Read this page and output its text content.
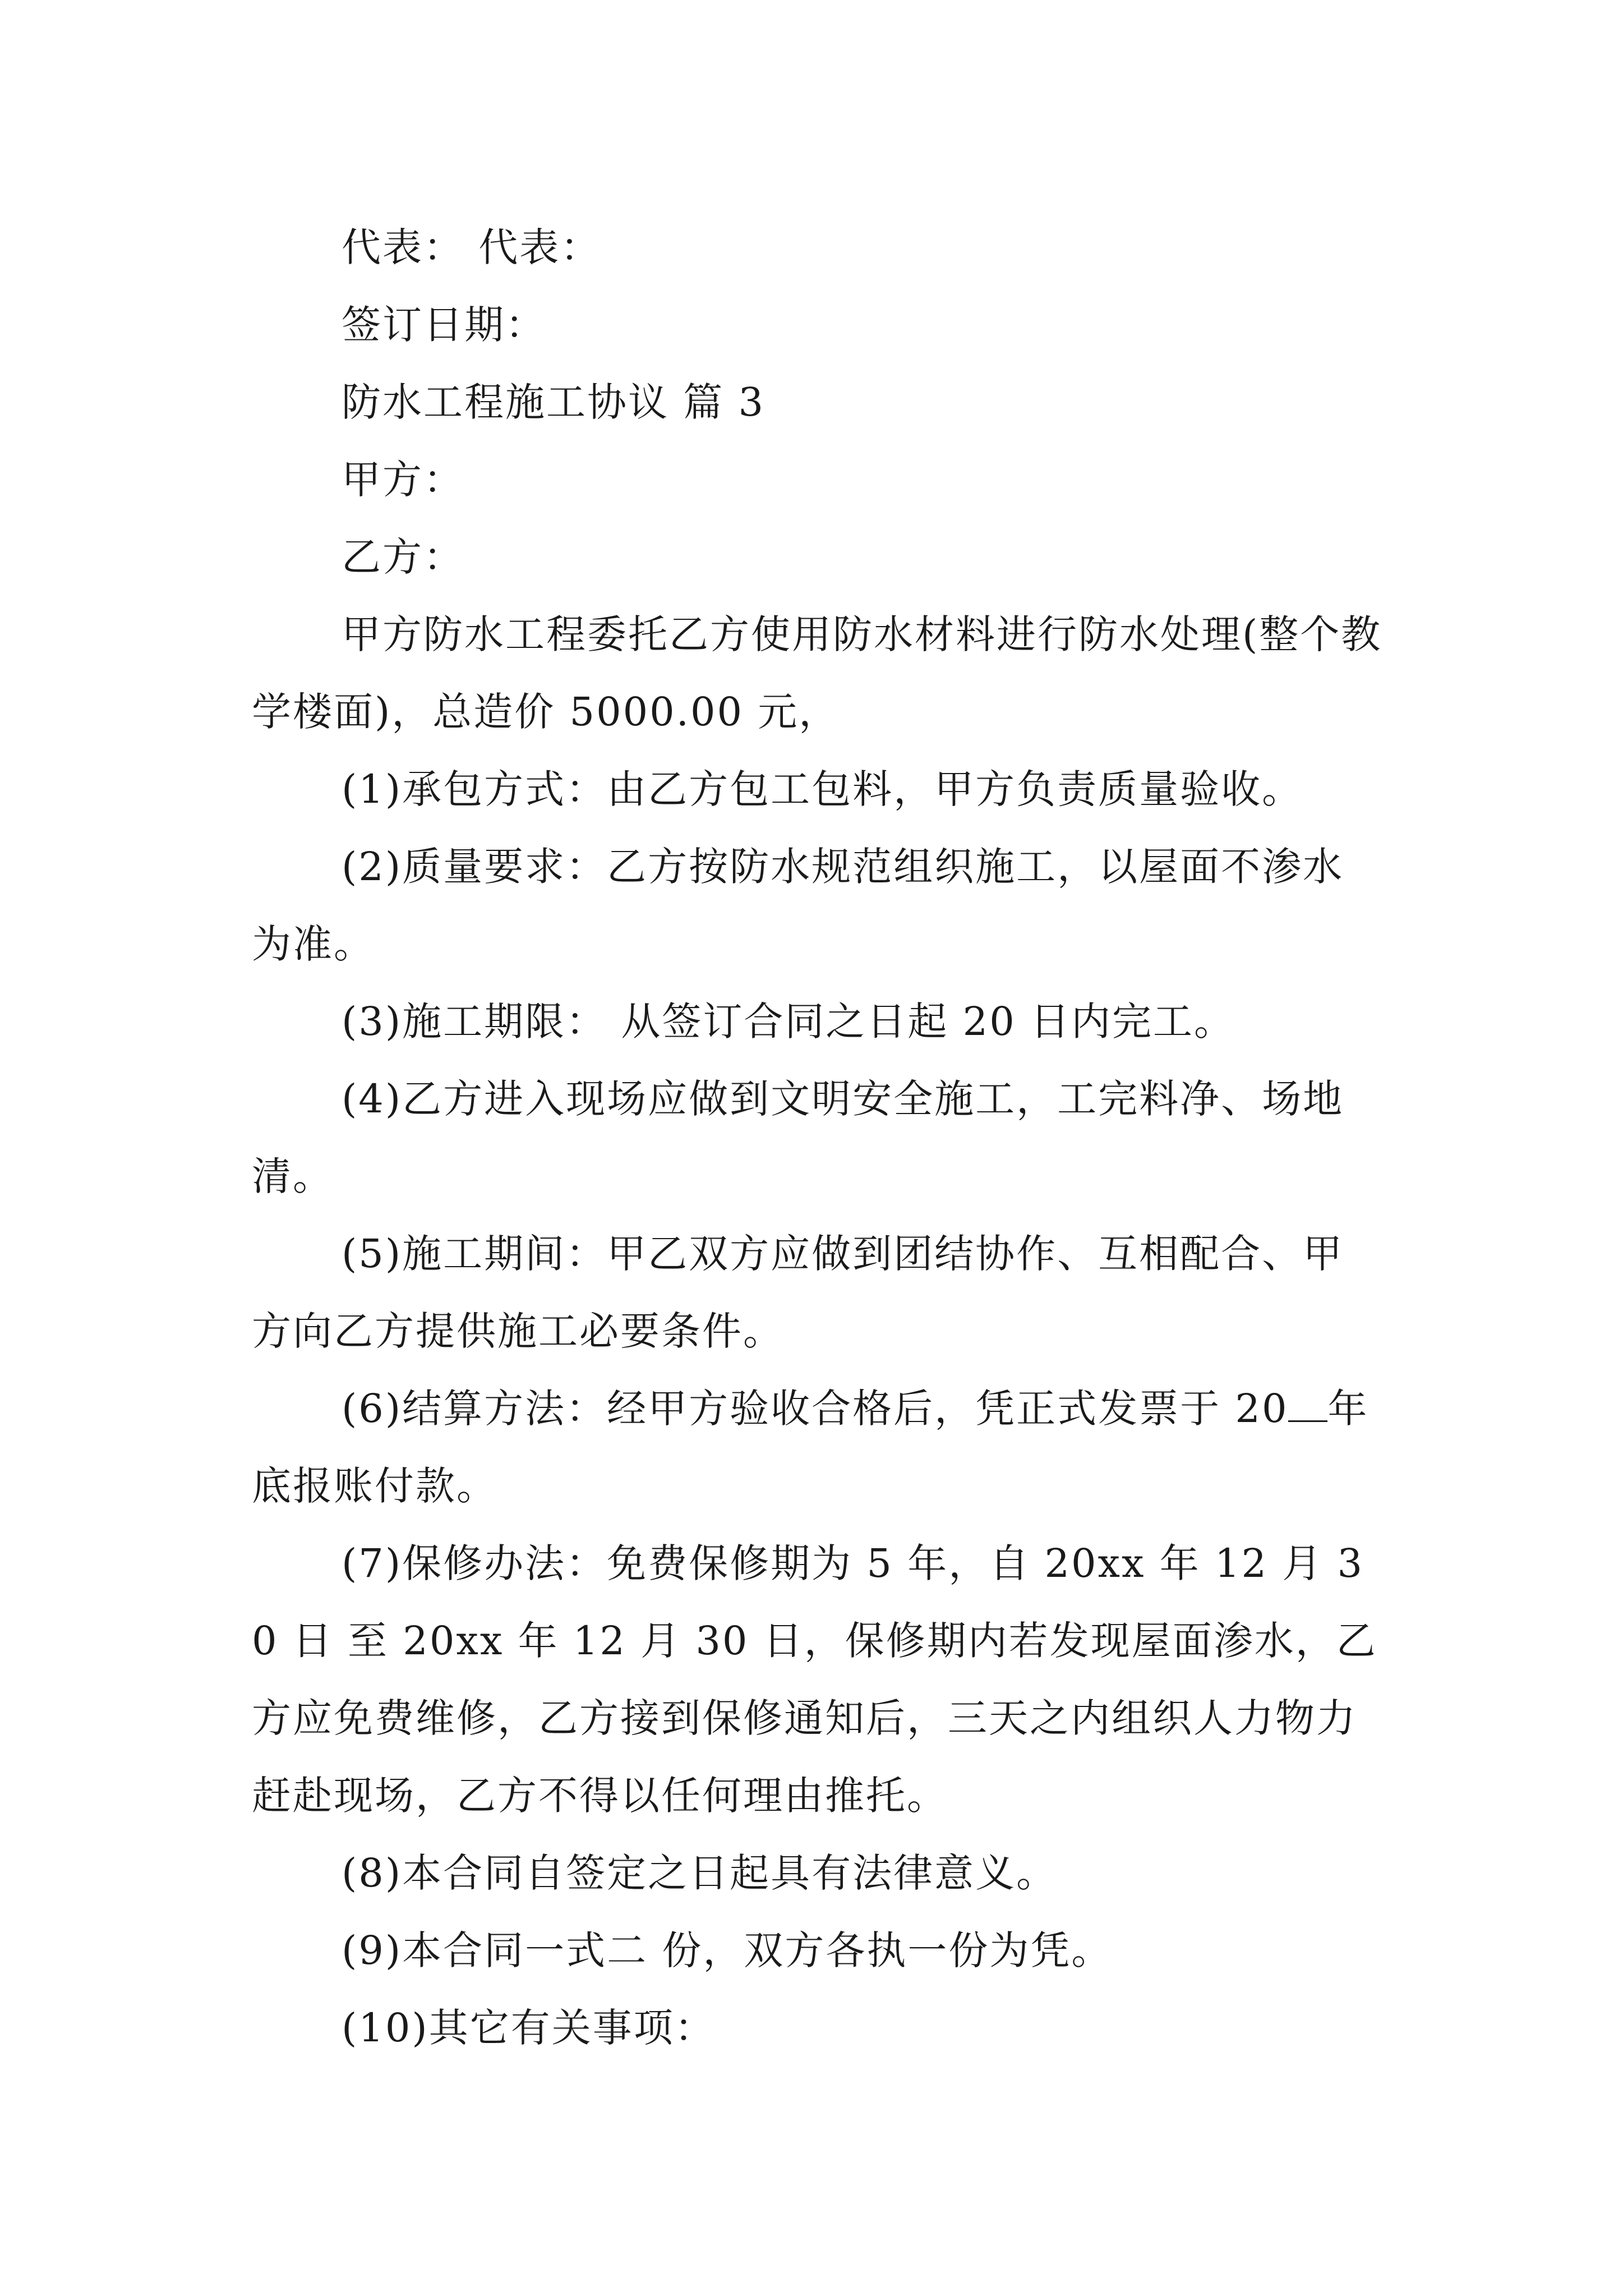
代表： 代表：

签订日期：

防水工程施工协议 篇 3

甲方：

乙方：

甲方防水工程委托乙方使用防水材料进行防水处理(整个教学楼面)，总造价 5000.00 元，

(1)承包方式：由乙方包工包料，甲方负责质量验收。

(2)质量要求：乙方按防水规范组织施工，以屋面不渗水为准。

(3)施工期限： 从签订合同之日起 20 日内完工。

(4)乙方进入现场应做到文明安全施工，工完料净、场地清。

(5)施工期间：甲乙双方应做到团结协作、互相配合、甲方向乙方提供施工必要条件。

(6)结算方法：经甲方验收合格后，凭正式发票于 20 年底报账付款。

(7)保修办法：免费保修期为 5 年，自 20xx 年 12 月 30 日 至 20xx 年 12 月 30 日，保修期内若发现屋面渗水，乙方应免费维修，乙方接到保修通知后，三天之内组织人力物力赶赴现场，乙方不得以任何理由推托。

(8)本合同自签定之日起具有法律意义。

(9)本合同一式二 份，双方各执一份为凭。

(10)其它有关事项：
